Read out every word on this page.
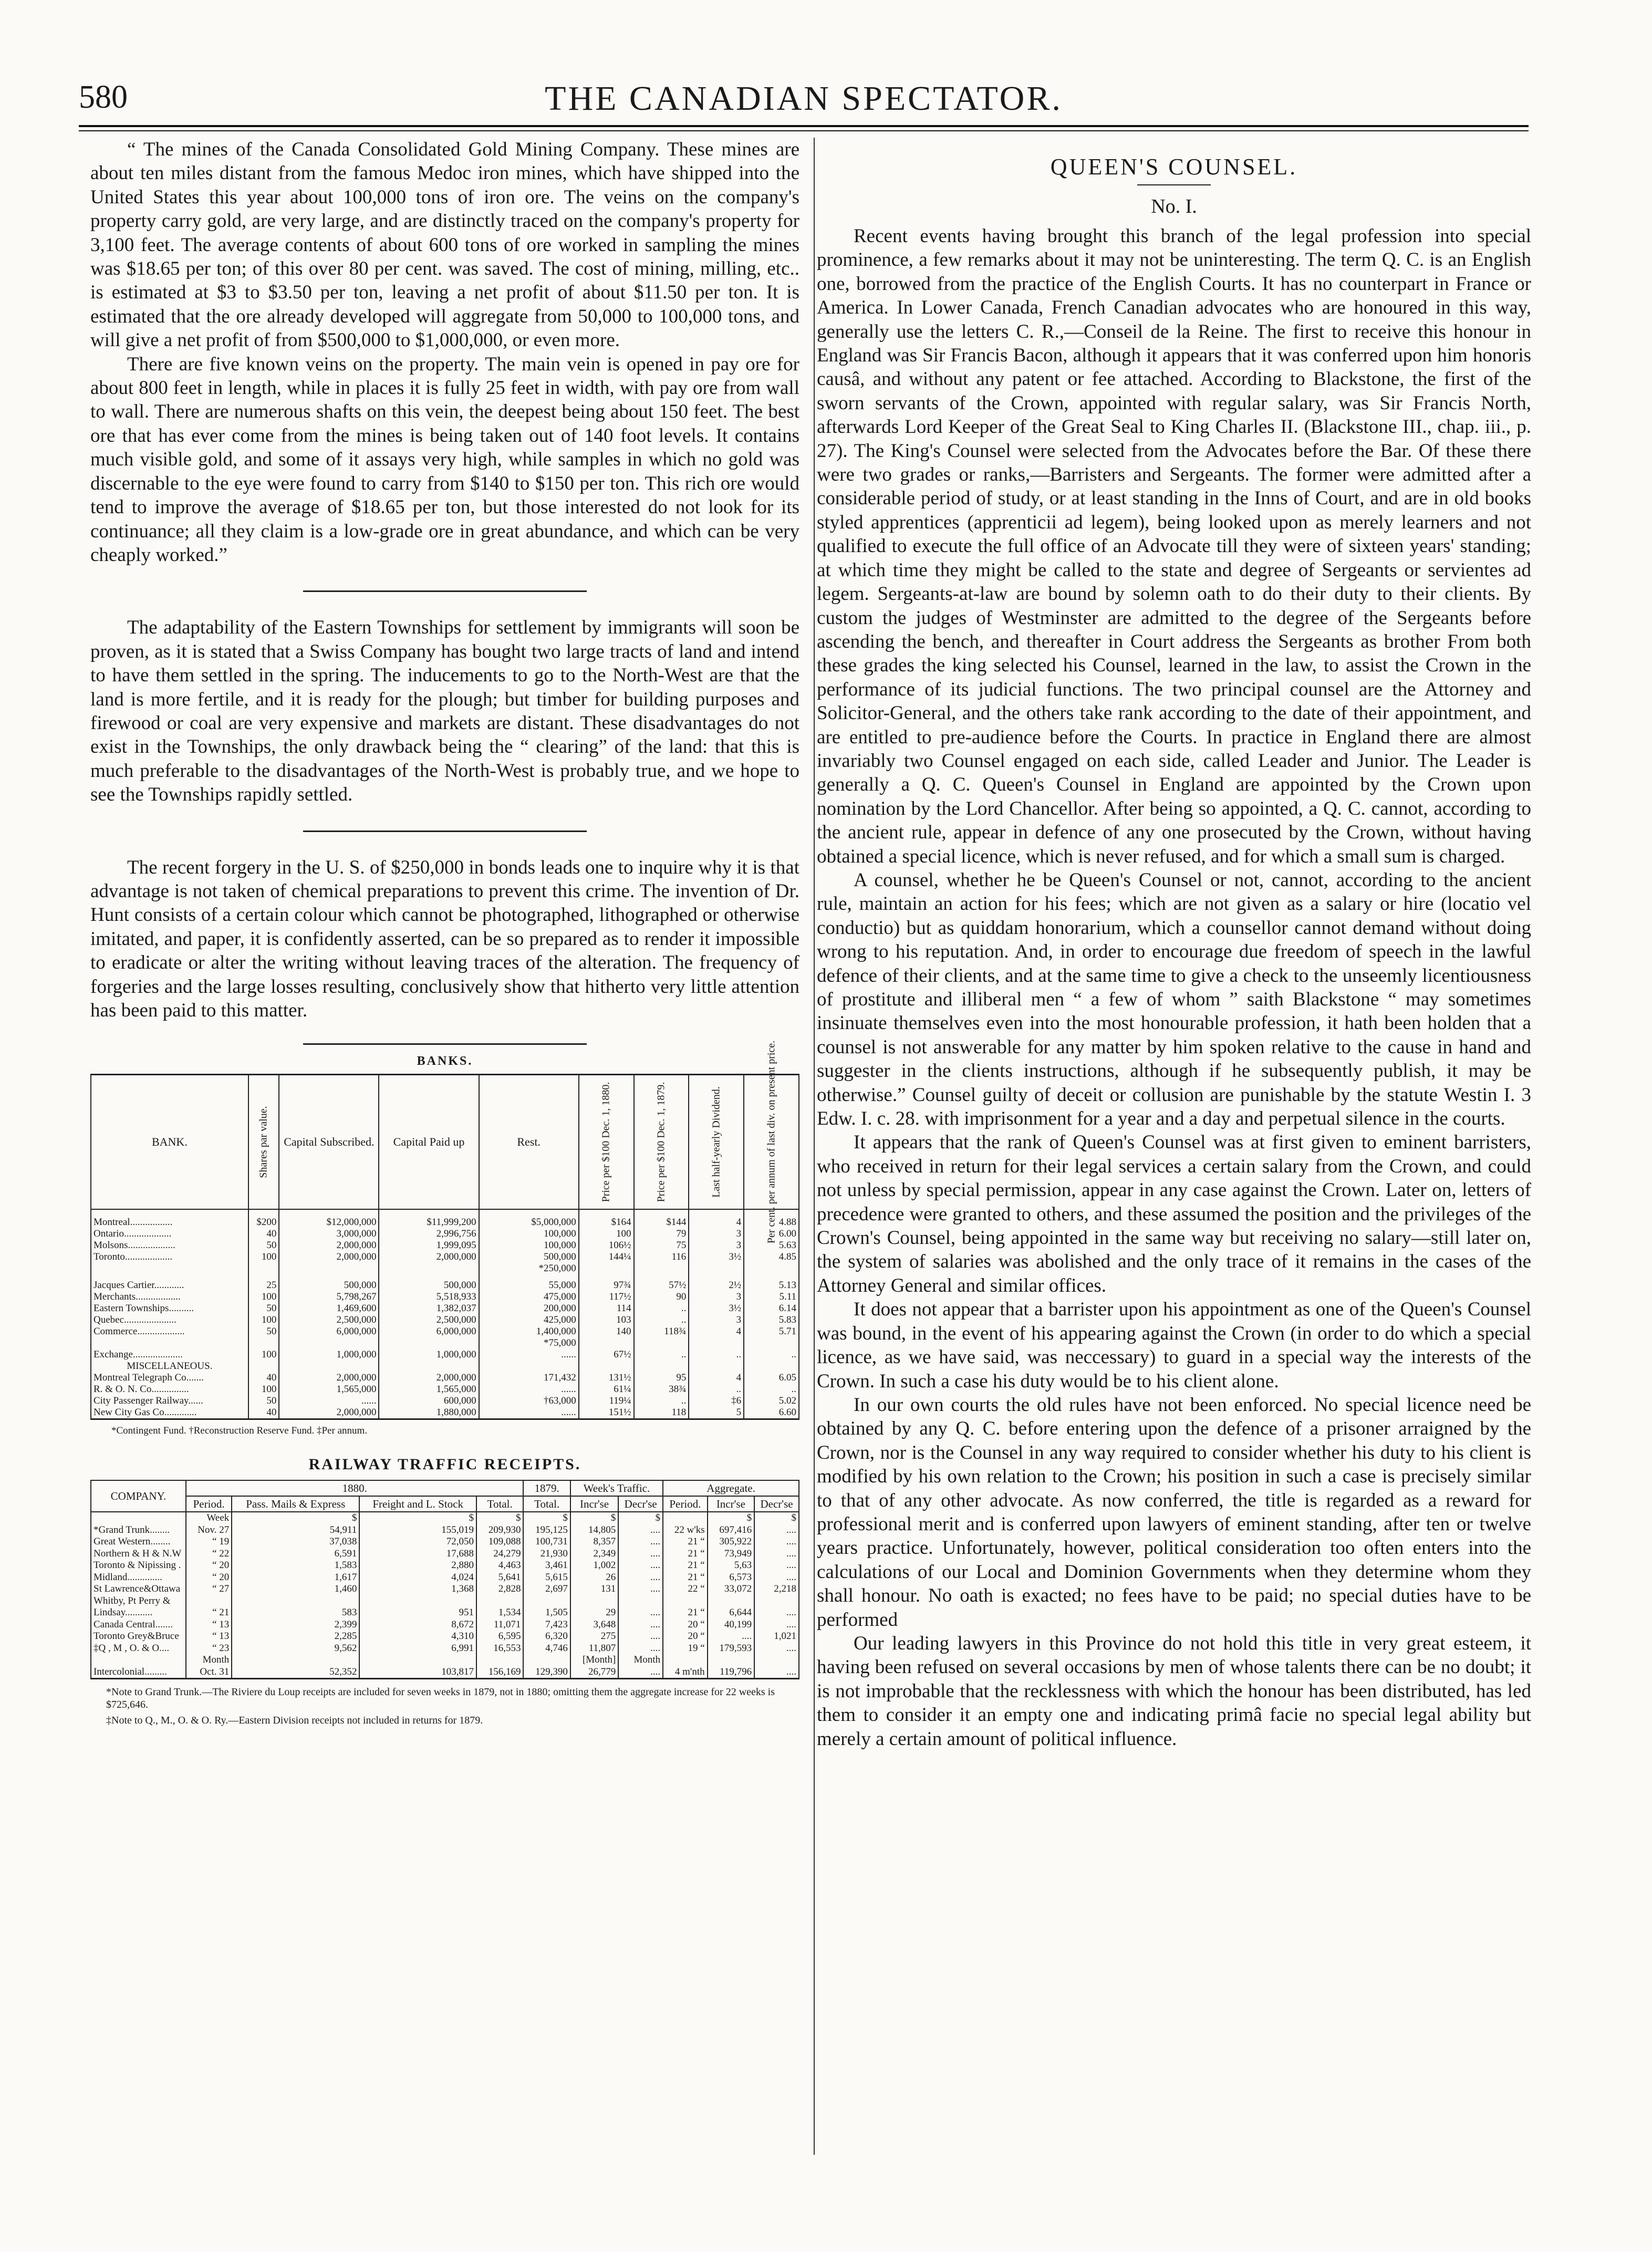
580	THE CANADIAN SPECTATOR.

“ The mines of the Canada Consolidated Gold Mining Company. These mines are about ten miles distant from the famous Medoc iron mines, which have shipped into the United States this year about 100,000 tons of iron ore. The veins on the company's property carry gold, are very large, and are distinctly traced on the company's property for 3,100 feet. The average contents of about 600 tons of ore worked in sampling the mines was $18.65 per ton; of this over 80 per cent. was saved. The cost of mining, milling, etc.. is estimated at $3 to $3.50 per ton, leaving a net profit of about $11.50 per ton. It is estimated that the ore already developed will aggregate from 50,000 to 100,000 tons, and will give a net profit of from $500,000 to $1,000,000, or even more.

There are five known veins on the property. The main vein is opened in pay ore for about 800 feet in length, while in places it is fully 25 feet in width, with pay ore from wall to wall. There are numerous shafts on this vein, the deepest being about 150 feet. The best ore that has ever come from the mines is being taken out of 140 foot levels. It contains much visible gold, and some of it assays very high, while samples in which no gold was discernable to the eye were found to carry from $140 to $150 per ton. This rich ore would tend to improve the average of $18.65 per ton, but those interested do not look for its continuance; all they claim is a low-grade ore in great abundance, and which can be very cheaply worked.”

The adaptability of the Eastern Townships for settlement by immigrants will soon be proven, as it is stated that a Swiss Company has bought two large tracts of land and intend to have them settled in the spring. The inducements to go to the North-West are that the land is more fertile, and it is ready for the plough; but timber for building purposes and firewood or coal are very expensive and markets are distant. These disadvantages do not exist in the Townships, the only drawback being the “ clearing” of the land: that this is much preferable to the disadvantages of the North-West is probably true, and we hope to see the Townships rapidly settled.

The recent forgery in the U. S. of $250,000 in bonds leads one to inquire why it is that advantage is not taken of chemical preparations to prevent this crime. The invention of Dr. Hunt consists of a certain colour which cannot be photographed, lithographed or otherwise imitated, and paper, it is confidently asserted, can be so prepared as to render it impossible to eradicate or alter the writing without leaving traces of the alteration. The frequency of forgeries and the large losses resulting, conclusively show that hitherto very little attention has been paid to this matter.

BANKS.
BANK.	Shares par value.	Capital Subscribed.	Capital Paid up	Rest.	Price per $100 Dec. 1, 1880.	Price per $100 Dec. 1, 1879.	Last half-yearly Dividend.	Per cent. per annum of last div. on present price.

Montreal.................	$200	$12,000,000	$11,999,200	$5,000,000	$164	$144	4	4.88
Ontario...................	40	3,000,000	2,996,756	100,000	100	79	3	6.00
Molsons...................	50	2,000,000	1,999,095	100,000	106½	75	3	5.63
Toronto...................	100	2,000,000	2,000,000	500,000	144¼	116	3½	4.85
				*250,000				

Jacques Cartier............	25	500,000	500,000	55,000	97¾	57½	2½	5.13
Merchants..................	100	5,798,267	5,518,933	475,000	117½	90	3	5.11
Eastern Townships..........	50	1,469,600	1,382,037	200,000	114	..	3½	6.14
Quebec.....................	100	2,500,000	2,500,000	425,000	103	..	3	5.83
Commerce...................	50	6,000,000	6,000,000	1,400,000	140	118¾	4	5.71
				*75,000				
Exchange....................	100	1,000,000	1,000,000	......	67½	..	..	..
MISCELLANEOUS.								
Montreal Telegraph Co.......	40	2,000,000	2,000,000	171,432	131½	95	4	6.05
R. & O. N. Co...............	100	1,565,000	1,565,000	......	61¼	38¾	..	..
City Passenger Railway......	50	......	600,000	†63,000	119¼	..	‡6	5.02
New City Gas Co.............	40	2,000,000	1,880,000	......	151½	118	5	6.60
*Contingent Fund. †Reconstruction Reserve Fund. ‡Per annum.
RAILWAY TRAFFIC RECEIPTS.
COMPANY.	1880.				1879.	Week's Traffic.		Aggregate.		
	Period.	Pass. Mails & Express	Freight and L. Stock	Total.	Total.	Incr'se	Decr'se	Period.	Incr'se	Decr'se
	Week	$	$	$	$	$	$		$	$
*Grand Trunk........	Nov. 27	54,911	155,019	209,930	195,125	14,805	....	22 w'ks	697,416	....
Great Western........	“ 19	37,038	72,050	109,088	100,731	8,357	....	21 “	305,922	....
Northern & H & N.W	“ 22	6,591	17,688	24,279	21,930	2,349	....	21 “	73,949	....
Toronto & Nipissing .	“ 20	1,583	2,880	4,463	3,461	1,002	....	21 “	5,63	....
Midland..............	“ 20	1,617	4,024	5,641	5,615	26	....	21 “	6,573	....
St Lawrence&Ottawa	“ 27	1,460	1,368	2,828	2,697	131	....	22 “	33,072	2,218
Whitby, Pt Perry &										
Lindsay...........	“ 21	583	951	1,534	1,505	29	....	21 “	6,644	....
Canada Central.......	“ 13	2,399	8,672	11,071	7,423	3,648	....	20 “	40,199	....
Toronto Grey&Bruce	“ 13	2,285	4,310	6,595	6,320	275	....	20 “	....	1,021
‡Q , M , O. & O....	“ 23	9,562	6,991	16,553	4,746	11,807	....	19 “	179,593	....
	Month					[Month]	Month			
Intercolonial.........	Oct. 31	52,352	103,817	156,169	129,390	26,779	....	4 m'nth	119,796	....
*Note to Grand Trunk.—The Riviere du Loup receipts are included for seven weeks in 1879, not in 1880; omitting them the aggregate increase for 22 weeks is $725,646.
‡Note to Q., M., O. & O. Ry.—Eastern Division receipts not included in returns for 1879.
QUEEN'S COUNSEL.
No. I.

Recent events having brought this branch of the legal profession into special prominence, a few remarks about it may not be uninteresting. The term Q. C. is an English one, borrowed from the practice of the English Courts. It has no counterpart in France or America. In Lower Canada, French Canadian advocates who are honoured in this way, generally use the letters C. R.,—Conseil de la Reine. The first to receive this honour in England was Sir Francis Bacon, although it appears that it was conferred upon him honoris causâ, and without any patent or fee attached. According to Blackstone, the first of the sworn servants of the Crown, appointed with regular salary, was Sir Francis North, afterwards Lord Keeper of the Great Seal to King Charles II. (Blackstone III., chap. iii., p. 27). The King's Counsel were selected from the Advocates before the Bar. Of these there were two grades or ranks,—Barristers and Sergeants. The former were admitted after a considerable period of study, or at least standing in the Inns of Court, and are in old books styled apprentices (apprenticii ad legem), being looked upon as merely learners and not qualified to execute the full office of an Advocate till they were of sixteen years' standing; at which time they might be called to the state and degree of Sergeants or servientes ad legem. Sergeants-at-law are bound by solemn oath to do their duty to their clients. By custom the judges of Westminster are admitted to the degree of the Sergeants before ascending the bench, and thereafter in Court address the Sergeants as brother From both these grades the king selected his Counsel, learned in the law, to assist the Crown in the performance of its judicial functions. The two principal counsel are the Attorney and Solicitor-General, and the others take rank according to the date of their appointment, and are entitled to pre-audience before the Courts. In practice in England there are almost invariably two Counsel engaged on each side, called Leader and Junior. The Leader is generally a Q. C. Queen's Counsel in England are appointed by the Crown upon nomination by the Lord Chancellor. After being so appointed, a Q. C. cannot, according to the ancient rule, appear in defence of any one prosecuted by the Crown, without having obtained a special licence, which is never refused, and for which a small sum is charged.

A counsel, whether he be Queen's Counsel or not, cannot, according to the ancient rule, maintain an action for his fees; which are not given as a salary or hire (locatio vel conductio) but as quiddam honorarium, which a counsellor cannot demand without doing wrong to his reputation. And, in order to encourage due freedom of speech in the lawful defence of their clients, and at the same time to give a check to the unseemly licentiousness of prostitute and illiberal men “ a few of whom ” saith Blackstone “ may sometimes insinuate themselves even into the most honourable profession, it hath been holden that a counsel is not answerable for any matter by him spoken relative to the cause in hand and suggester in the clients instructions, although if he subsequently publish, it may be otherwise.” Counsel guilty of deceit or collusion are punishable by the statute Westin I. 3 Edw. I. c. 28. with imprisonment for a year and a day and perpetual silence in the courts.

It appears that the rank of Queen's Counsel was at first given to eminent barristers, who received in return for their legal services a certain salary from the Crown, and could not unless by special permission, appear in any case against the Crown. Later on, letters of precedence were granted to others, and these assumed the position and the privileges of the Crown's Counsel, being appointed in the same way but receiving no salary—still later on, the system of salaries was abolished and the only trace of it remains in the cases of the Attorney General and similar offices.

It does not appear that a barrister upon his appointment as one of the Queen's Counsel was bound, in the event of his appearing against the Crown (in order to do which a special licence, as we have said, was neccessary) to guard in a special way the interests of the Crown. In such a case his duty would be to his client alone.

In our own courts the old rules have not been enforced. No special licence need be obtained by any Q. C. before entering upon the defence of a prisoner arraigned by the Crown, nor is the Counsel in any way required to consider whether his duty to his client is modified by his own relation to the Crown; his position in such a case is precisely similar to that of any other advocate. As now conferred, the title is regarded as a reward for professional merit and is conferred upon lawyers of eminent standing, after ten or twelve years practice. Unfortunately, however, political consideration too often enters into the calculations of our Local and Dominion Governments when they determine whom they shall honour. No oath is exacted; no fees have to be paid; no special duties have to be performed

Our leading lawyers in this Province do not hold this title in very great esteem, it having been refused on several occasions by men of whose talents there can be no doubt; it is not improbable that the recklessness with which the honour has been distributed, has led them to consider it an empty one and indicating primâ facie no special legal ability but merely a certain amount of political influence.
